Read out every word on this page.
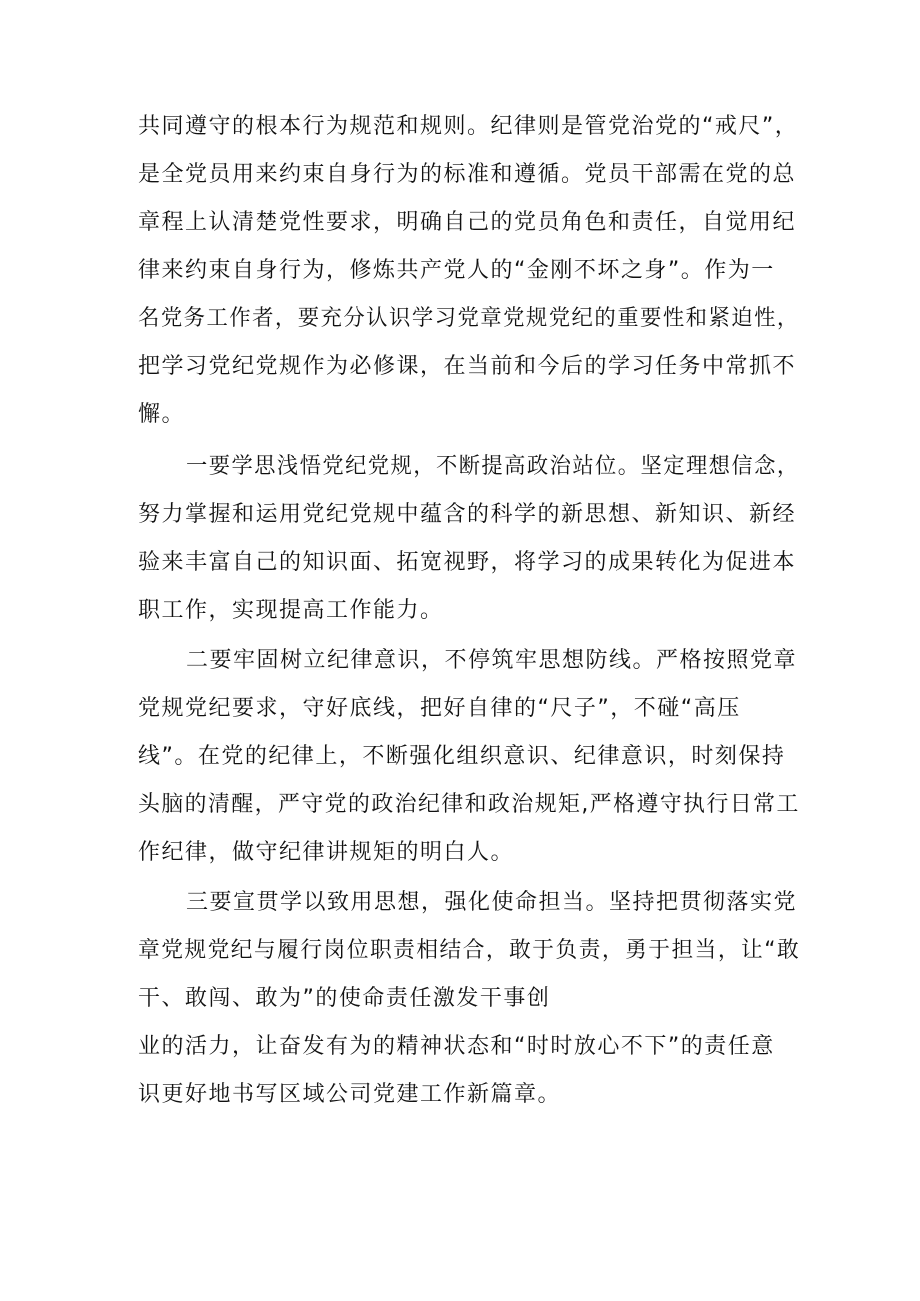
共同遵守的根本行为规范和规则。纪律则是管党治党的“戒尺”，
是全党员用来约束自身行为的标准和遵循。党员干部需在党的总
章程上认清楚党性要求，明确自己的党员角色和责任，自觉用纪
律来约束自身行为，修炼共产党人的“金刚不坏之身”。作为一
名党务工作者，要充分认识学习党章党规党纪的重要性和紧迫性，
把学习党纪党规作为必修课，在当前和今后的学习任务中常抓不
懈。
一要学思浅悟党纪党规，不断提高政治站位。坚定理想信念，
努力掌握和运用党纪党规中蕴含的科学的新思想、新知识、新经
验来丰富自己的知识面、拓宽视野，将学习的成果转化为促进本
职工作，实现提高工作能力。
二要牢固树立纪律意识，不停筑牢思想防线。严格按照党章
党规党纪要求，守好底线，把好自律的“尺子”，不碰“高压
线”。在党的纪律上，不断强化组织意识、纪律意识，时刻保持
头脑的清醒，严守党的政治纪律和政治规矩,严格遵守执行日常工
作纪律，做守纪律讲规矩的明白人。
三要宣贯学以致用思想，强化使命担当。坚持把贯彻落实党
章党规党纪与履行岗位职责相结合，敢于负责，勇于担当，让“敢
干、敢闯、敢为”的使命责任激发干事创
业的活力，让奋发有为的精神状态和“时时放心不下”的责任意
识更好地书写区域公司党建工作新篇章。
